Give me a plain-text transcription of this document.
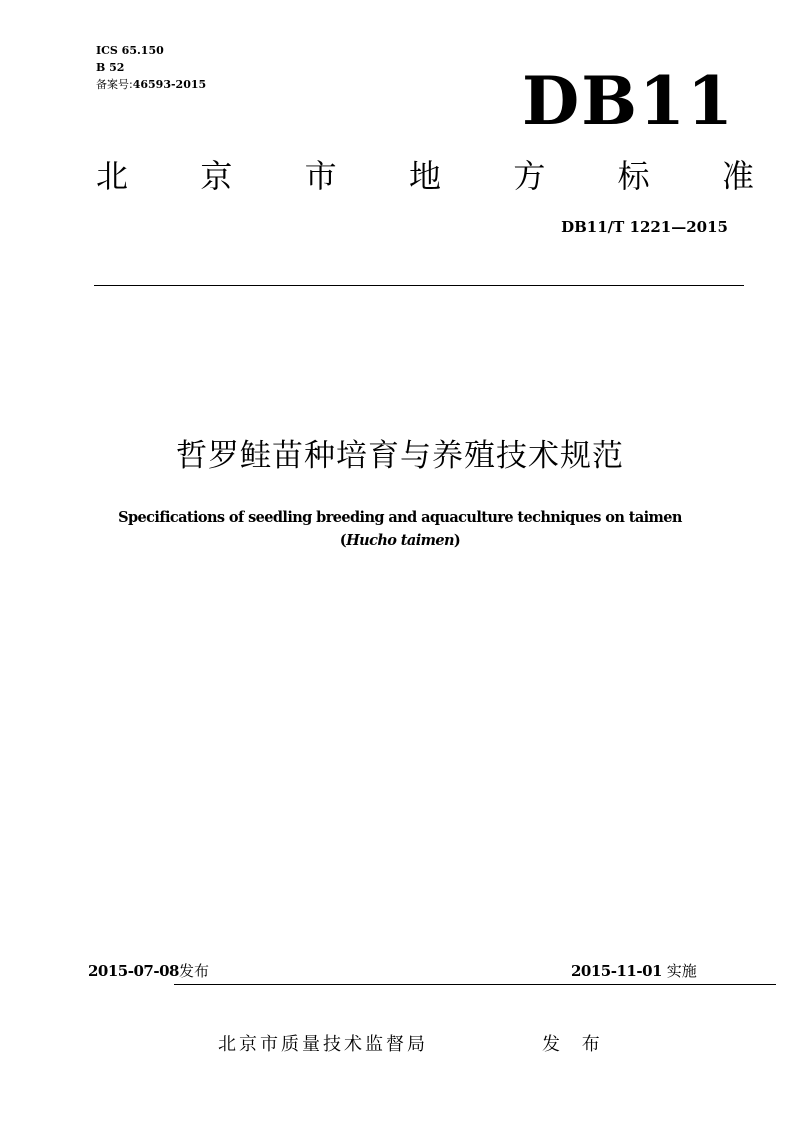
ICS 65.150
B 52
备案号:46593-2015	DB11
北 京 市 地 方 标 准
DB11/T 1221—2015
哲罗鲑苗种培育与养殖技术规范
Specifications of seedling breeding and aquaculture techniques on taimen
(Hucho taimen)
2015-07-08发布	2015-11-01 实施
北京市质量技术监督局	发 布
